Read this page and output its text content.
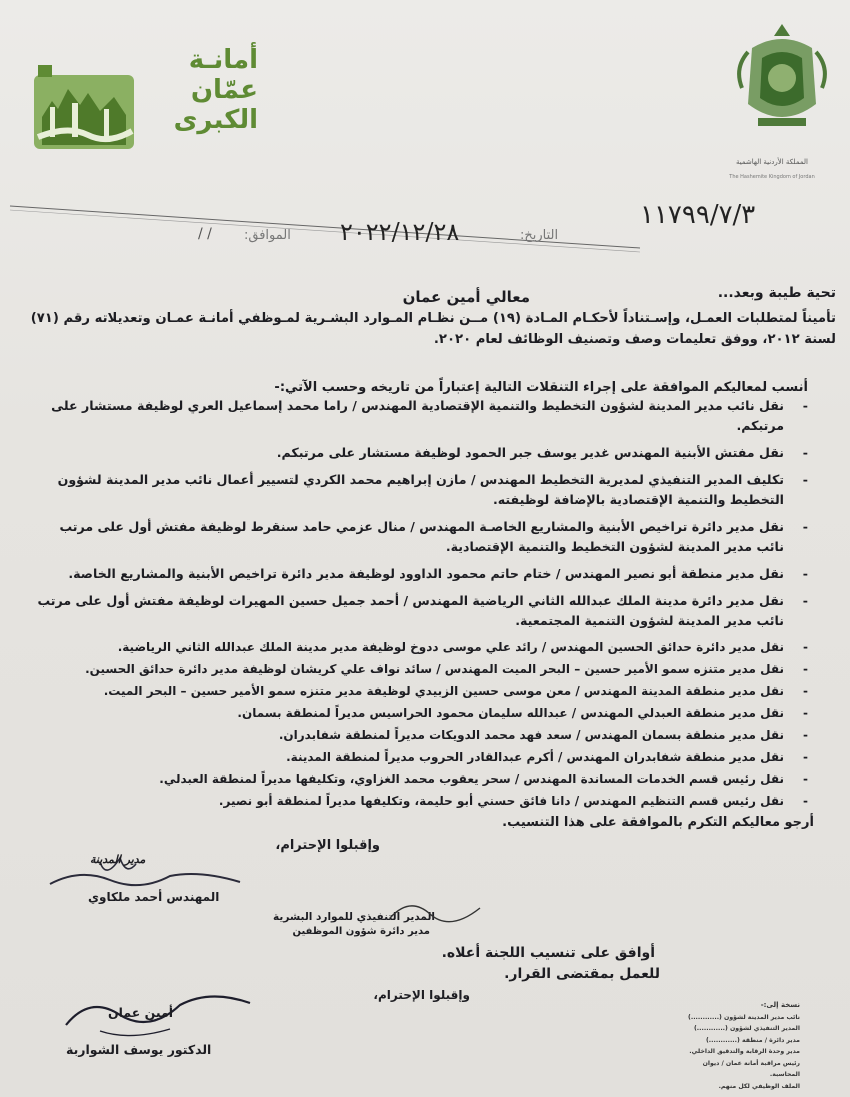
أمانـة
عمّان
الكبرى
المملكة الأردنية الهاشمية
The Hashemite Kingdom of Jordan
١١٧٩٩/٧/٣
التاريخ:
٢٠٢٢/١٢/٢٨
الموافق:
/ /
تحية طيبة وبعد...
معالي أمين عمان
تأميناً لمتطلبات العمـل، وإسـتناداً لأحكـام المـادة (١٩) مــن نظـام المـوارد البشـرية لمـوظفي أمانـة عمـان وتعديلاته رقم (٧١) لسنة ٢٠١٢، ووفق تعليمات وصف وتصنيف الوظائف لعام ٢٠٢٠.
أنسب لمعاليكم الموافقة على إجراء التنقلات التالية إعتباراً من تاريخه وحسب الآتي:-
- نقل نائب مدير المدينة لشؤون التخطيط والتنمية الإقتصادية المهندس / راما محمد إسماعيل العري لوظيفة مستشار على مرتبكم.
- نقل مفتش الأبنية المهندس غدير يوسف جبر الحمود لوظيفة مستشار على مرتبكم.
- تكليف المدير التنفيذي لمديرية التخطيط المهندس / مازن إبراهيم محمد الكردي لتسيير أعمال نائب مدير المدينة لشؤون التخطيط والتنمية الإقتصادية بالإضافة لوظيفته.
- نقل مدير دائرة تراخيص الأبنية والمشاريع الخاصـة المهندس / منال عزمي حامد سنقرط لوظيفة مفتش أول على مرتب نائب مدير المدينة لشؤون التخطيط والتنمية الإقتصادية.
- نقل مدير منطقة أبو نصير المهندس / ختام حاتم محمود الداوود لوظيفة مدير دائرة تراخيص الأبنية والمشاريع الخاصة.
- نقل مدير دائرة مدينة الملك عبدالله الثاني الرياضية المهندس / أحمد جميل حسين المهيرات لوظيفة مفتش أول على مرتب نائب مدير المدينة لشؤون التنمية المجتمعية.
- نقل مدير دائرة حدائق الحسين المهندس / رائد علي موسى ددوخ لوظيفة مدير مدينة الملك عبدالله الثاني الرياضية.
- نقل مدير متنزه سمو الأمير حسين – البحر الميت المهندس / سائد نواف علي كريشان لوظيفة مدير دائرة حدائق الحسين.
- نقل مدير منطقة المدينة المهندس / معن موسى حسين الزبيدي لوظيفة مدير متنزه سمو الأمير حسين – البحر الميت.
- نقل مدير منطقة العبدلي المهندس / عبدالله سليمان محمود الحراسيس مديراً لمنطقة بسمان.
- نقل مدير منطقة بسمان المهندس / سعد فهد محمد الدويكات مديراً لمنطقة شفابدران.
- نقل مدير منطقة شفابدران المهندس / أكرم عبدالقادر الحروب مديراً لمنطقة المدينة.
- نقل رئيس قسم الخدمات المساندة المهندس / سحر يعقوب محمد الغزاوي، وتكليفها مديراً لمنطقة العبدلي.
- نقل رئيس قسم التنظيم المهندس / دانا فائق حسني أبو حليمة، وتكليفها مديراً لمنطقة أبو نصير.
أرجو معاليكم التكرم بالموافقة على هذا التنسيب.
وإقبلوا الإحترام،
مدير المدينة
المهندس أحمد ملكاوي
المدير التنفيذي للموارد البشرية
مدير دائرة شؤون الموظفين
أوافق على تنسيب اللجنة أعلاه.
للعمل بمقتضى القرار.
وإقبلوا الإحترام،
أمين عمان
الدكتور يوسف الشواربة
نسخة إلى:-
نائب مدير المدينة لشؤون (............)
المدير التنفيذي لشؤون (............)
مدير دائرة / منطقة (............)
مدير وحدة الرقابة والتدقيق الداخلي.
رئيس مراقبة أمانة عمان / ديوان المحاسبة.
الملف الوظيفي لكل منهم.
